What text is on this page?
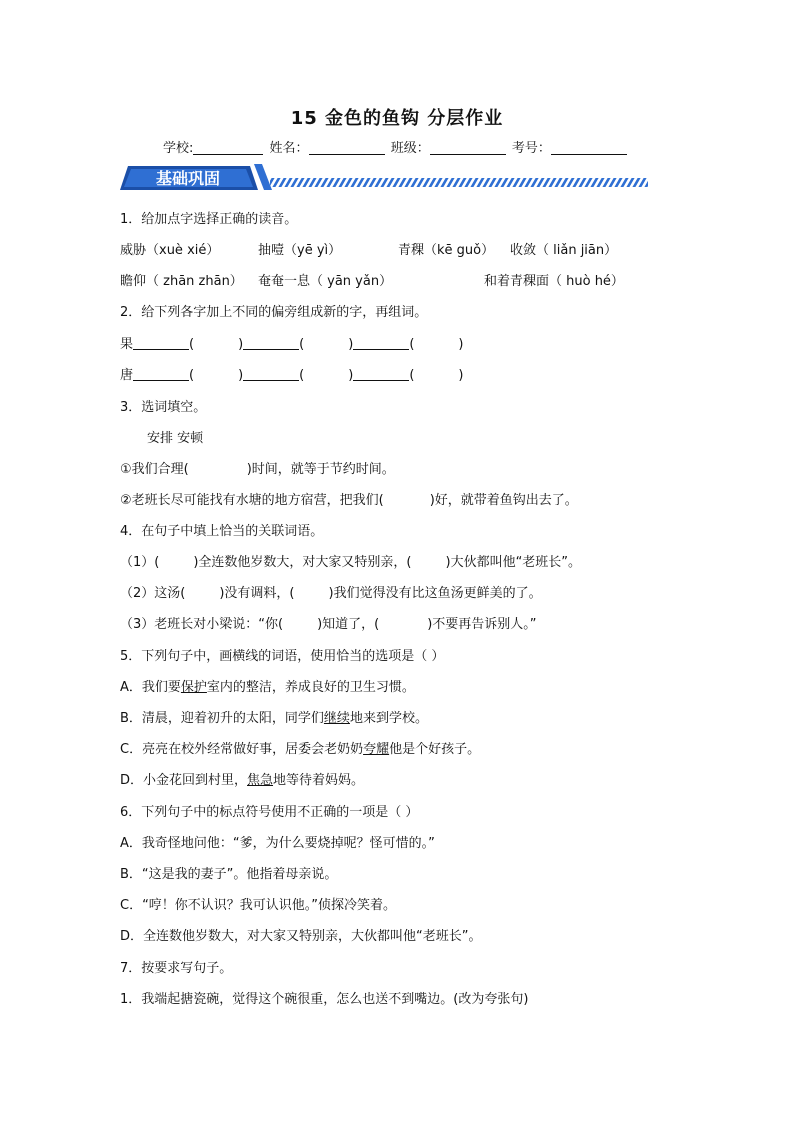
15 金色的鱼钩 分层作业
学校:	姓名：	班级：	考号：
基础巩固
1．给加点字选择正确的读音。
威胁（xuè xié）	抽噎（yē yì）	青稞（kē guǒ） 收敛（ liǎn jiān）
瞻仰（ zhān zhān） 奄奄一息（ yān yǎn）	和着青稞面（ huò hé）
2．给下列各字加上不同的偏旁组成新的字，再组词。
果	(	)	(	)	(	)
唐	(	)	(	)	(	)
3．选词填空。
安排 安顿
①我们合理(	)时间，就等于节约时间。
②老班长尽可能找有水塘的地方宿营，把我们(	)好，就带着鱼钩出去了。
4．在句子中填上恰当的关联词语。
（1）(	)全连数他岁数大，对大家又特别亲，(	)大伙都叫他“老班长”。
（2）这汤(	)没有调料，(	)我们觉得没有比这鱼汤更鲜美的了。
（3）老班长对小梁说：“你(	)知道了，(	)不要再告诉别人。”
5．下列句子中，画横线的词语，使用恰当的选项是（ ）
A．我们要保护室内的整洁，养成良好的卫生习惯。
B．清晨，迎着初升的太阳，同学们继续地来到学校。
C．亮亮在校外经常做好事，居委会老奶奶夸耀他是个好孩子。
D．小金花回到村里，焦急地等待着妈妈。
6．下列句子中的标点符号使用不正确的一项是（ ）
A．我奇怪地问他：“爹，为什么要烧掉呢？怪可惜的。”
B．“这是我的妻子”。他指着母亲说。
C．“哼！你不认识？我可认识他。”侦探冷笑着。
D．全连数他岁数大，对大家又特别亲，大伙都叫他“老班长”。
7．按要求写句子。
1．我端起搪瓷碗，觉得这个碗很重，怎么也送不到嘴边。(改为夸张句)
